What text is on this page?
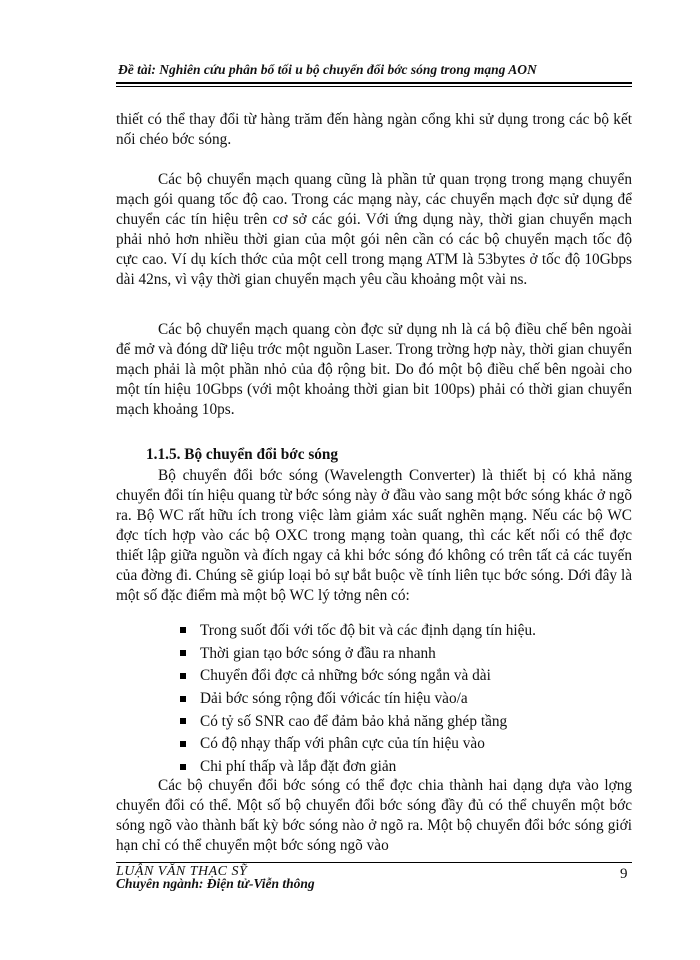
Đề tài: Nghiên cứu phân bổ tối u bộ chuyển đổi bớc sóng trong mạng AON

thiết có thể thay đổi từ hàng trăm đến hàng ngàn cổng khi sử dụng trong các bộ kết nối chéo bớc sóng.

Các bộ chuyển mạch quang cũng là phần tử quan trọng trong mạng chuyển mạch gói quang tốc độ cao. Trong các mạng này, các chuyển mạch đợc sử dụng để chuyển các tín hiệu trên cơ sở các gói. Với ứng dụng này, thời gian chuyển mạch phải nhỏ hơn nhiều thời gian của một gói nên cần có các bộ chuyển mạch tốc độ cực cao. Ví dụ kích thớc của một cell trong mạng ATM là 53bytes ở tốc độ 10Gbps dài 42ns, vì vậy thời gian chuyển mạch yêu cầu khoảng một vài ns.

Các bộ chuyển mạch quang còn đợc sử dụng nh là cá bộ điều chế bên ngoài để mở và đóng dữ liệu trớc một nguồn Laser. Trong trờng hợp này, thời gian chuyển mạch phải là một phần nhỏ của độ rộng bit. Do đó một bộ điều chế bên ngoài cho một tín hiệu 10Gbps (với một khoảng thời gian bit 100ps) phải có thời gian chuyển mạch khoảng 10ps.

1.1.5. Bộ chuyển đổi bớc sóng

Bộ chuyển đổi bớc sóng (Wavelength Converter) là thiết bị có khả năng chuyển đổi tín hiệu quang từ bớc sóng này ở đầu vào sang một bớc sóng khác ở ngõ ra. Bộ WC rất hữu ích trong việc làm giảm xác suất nghẽn mạng. Nếu các bộ WC đợc tích hợp vào các bộ OXC trong mạng toàn quang, thì các kết nối có thể đợc thiết lập giữa nguồn và đích ngay cả khi bớc sóng đó không có trên tất cả các tuyến của đờng đi. Chúng sẽ giúp loại bỏ sự bắt buộc về tính liên tục bớc sóng. Dới đây là một số đặc điểm mà một bộ WC lý tởng nên có:

Trong suốt đối với tốc độ bit và các định dạng tín hiệu.
Thời gian tạo bớc sóng ở đầu ra nhanh
Chuyển đổi đợc cả những bớc sóng ngắn và dài
Dải bớc sóng rộng đối vớicác tín hiệu vào/a
Có tỷ số SNR cao để đảm bảo khả năng ghép tầng
Có độ nhạy thấp với phân cực của tín hiệu vào
Chi phí thấp và lắp đặt đơn giản

Các bộ chuyển đổi bớc sóng có thể đợc chia thành hai dạng dựa vào lợng chuyển đổi có thể. Một số bộ chuyển đổi bớc sóng đầy đủ có thể chuyển một bớc sóng ngõ vào thành bất kỳ bớc sóng nào ở ngõ ra. Một bộ chuyển đổi bớc sóng giới hạn chỉ có thể chuyển một bớc sóng ngõ vào

LUẬN VĂN THẠC SỸ
Chuyên ngành: Điện tử-Viễn thông
9
